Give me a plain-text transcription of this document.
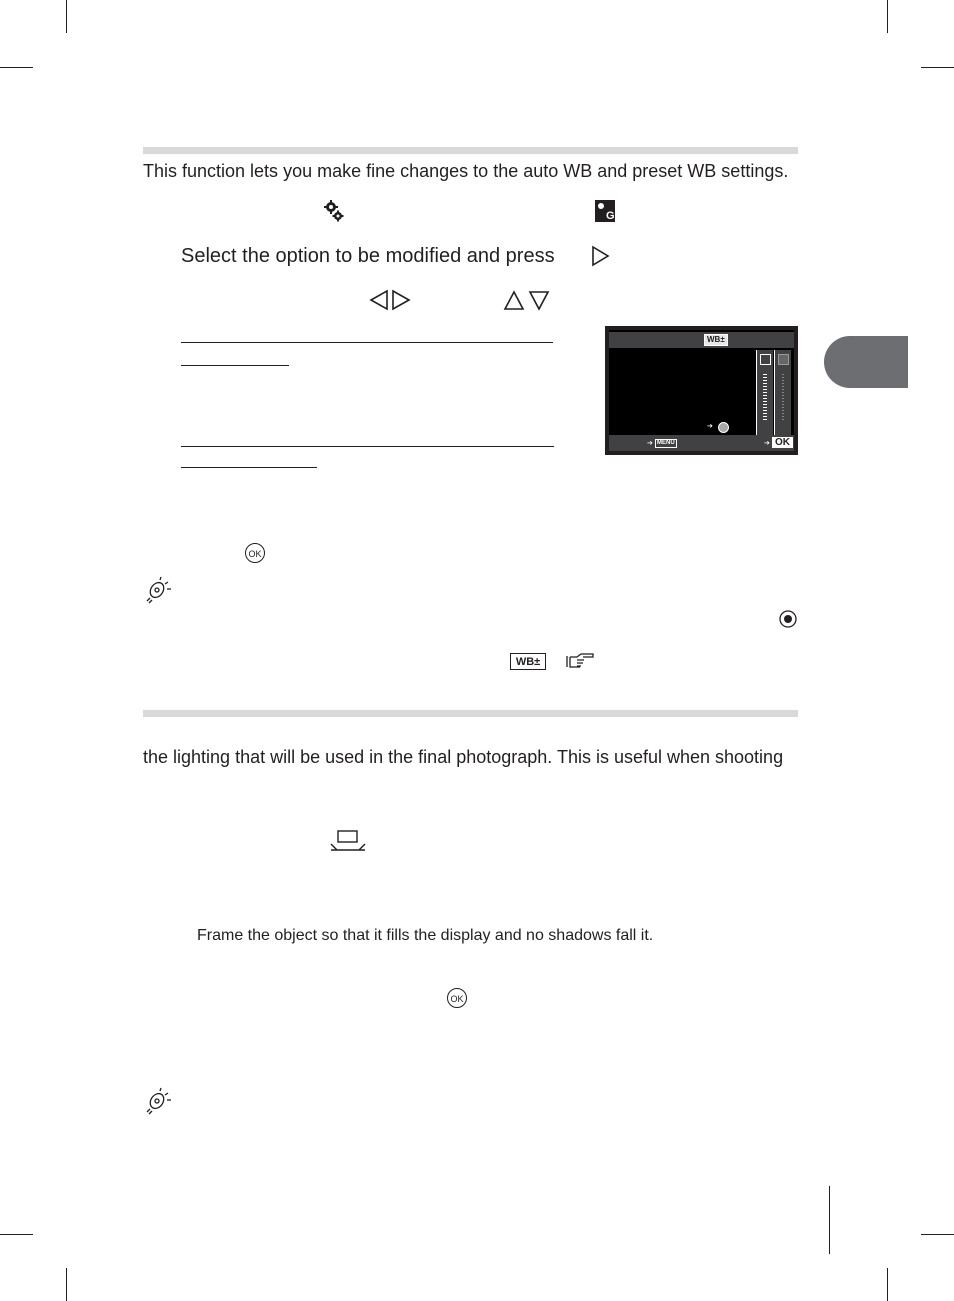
This function lets you make fine changes to the auto WB and preset WB settings.
G
Select the option to be modified and press
WB±
➔
➔ MENU	➔ OK
OK
WB±
the lighting that will be used in the final photograph. This is useful when shooting
Frame the object so that it fills the display and no shadows fall it.
OK
